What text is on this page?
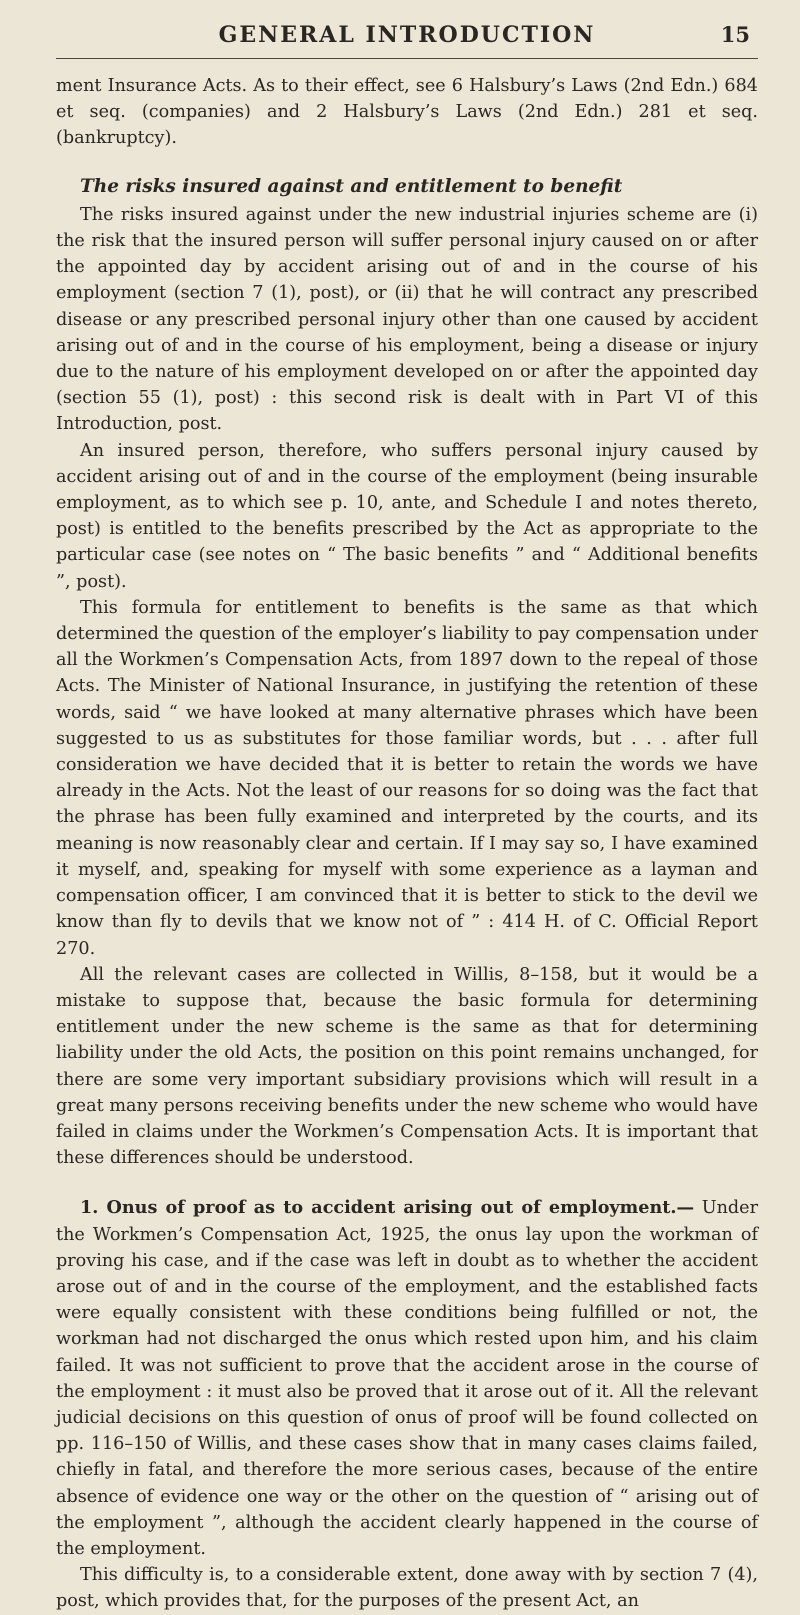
GENERAL INTRODUCTION	15

ment Insurance Acts. As to their effect, see 6 Halsbury’s Laws (2nd Edn.) 684 et seq. (companies) and 2 Halsbury’s Laws (2nd Edn.) 281 et seq. (bankruptcy).

The risks insured against and entitlement to benefit

The risks insured against under the new industrial injuries scheme are (i) the risk that the insured person will suffer personal injury caused on or after the appointed day by accident arising out of and in the course of his employment (section 7 (1), post), or (ii) that he will contract any prescribed disease or any prescribed personal injury other than one caused by accident arising out of and in the course of his employment, being a disease or injury due to the nature of his employment developed on or after the appointed day (section 55 (1), post) : this second risk is dealt with in Part VI of this Introduction, post.

An insured person, therefore, who suffers personal injury caused by accident arising out of and in the course of the employment (being insurable employment, as to which see p. 10, ante, and Schedule I and notes thereto, post) is entitled to the benefits prescribed by the Act as appropriate to the particular case (see notes on “ The basic benefits ” and “ Additional benefits ”, post).

This formula for entitlement to benefits is the same as that which determined the question of the employer’s liability to pay compensation under all the Workmen’s Compensation Acts, from 1897 down to the repeal of those Acts. The Minister of National Insurance, in justifying the retention of these words, said “ we have looked at many alternative phrases which have been suggested to us as substitutes for those familiar words, but . . . after full consideration we have decided that it is better to retain the words we have already in the Acts. Not the least of our reasons for so doing was the fact that the phrase has been fully examined and interpreted by the courts, and its meaning is now reasonably clear and certain. If I may say so, I have examined it myself, and, speaking for myself with some experience as a layman and compensation officer, I am convinced that it is better to stick to the devil we know than fly to devils that we know not of ” : 414 H. of C. Official Report 270.

All the relevant cases are collected in Willis, 8–158, but it would be a mistake to suppose that, because the basic formula for determining entitlement under the new scheme is the same as that for determining liability under the old Acts, the position on this point remains unchanged, for there are some very important subsidiary provisions which will result in a great many persons receiving benefits under the new scheme who would have failed in claims under the Workmen’s Compensation Acts. It is important that these differences should be understood.

1. Onus of proof as to accident arising out of employment.— Under the Workmen’s Compensation Act, 1925, the onus lay upon the workman of proving his case, and if the case was left in doubt as to whether the accident arose out of and in the course of the employment, and the established facts were equally consistent with these conditions being fulfilled or not, the workman had not discharged the onus which rested upon him, and his claim failed. It was not sufficient to prove that the accident arose in the course of the employment : it must also be proved that it arose out of it. All the relevant judicial decisions on this question of onus of proof will be found collected on pp. 116–150 of Willis, and these cases show that in many cases claims failed, chiefly in fatal, and therefore the more serious cases, because of the entire absence of evidence one way or the other on the question of “ arising out of the employment ”, although the accident clearly happened in the course of the employment.

This difficulty is, to a considerable extent, done away with by section 7 (4), post, which provides that, for the purposes of the present Act, an
